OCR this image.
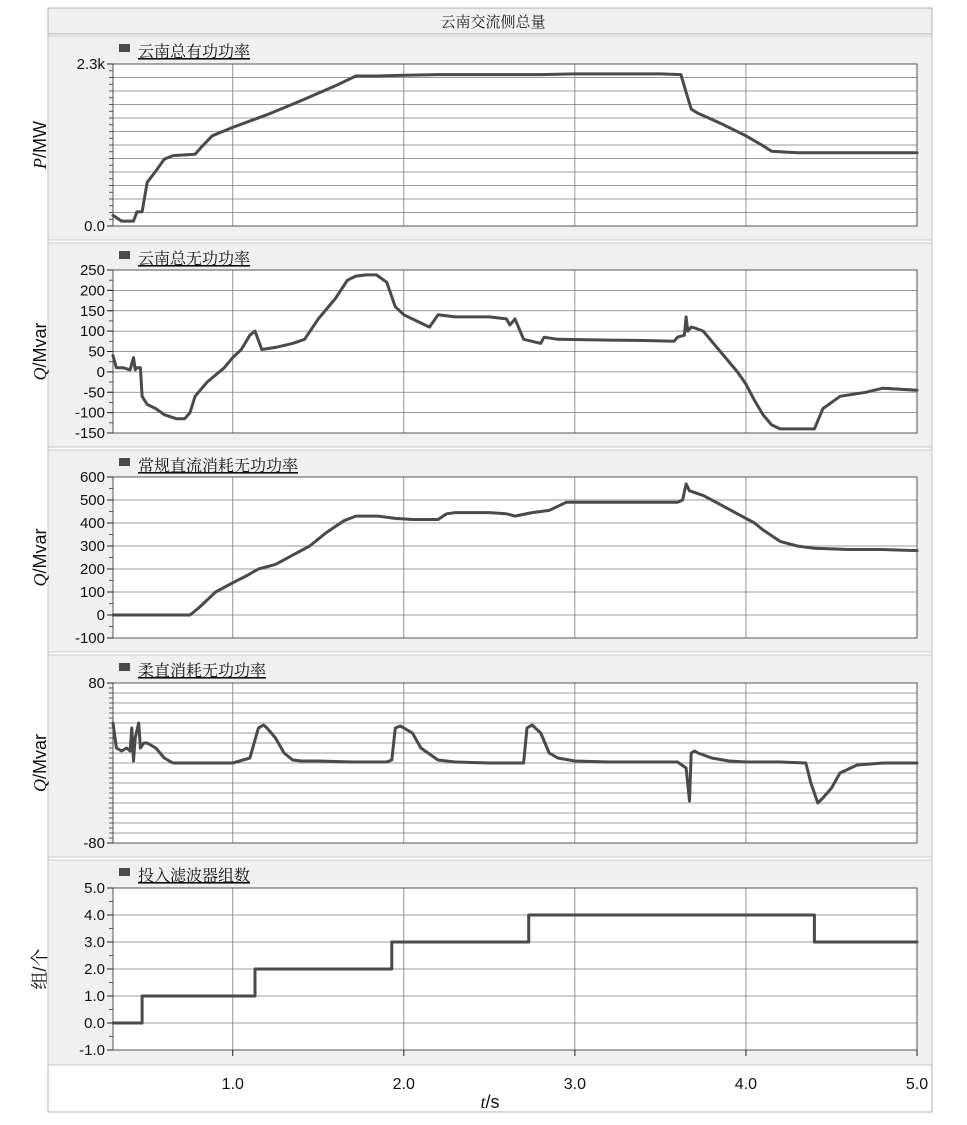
云南交流侧总量
t/s
2.3k
0.0
P/MW
云南总有功功率
250
200
150
100
50
0
-50
-100
-150
Q/Mvar
云南总无功功率
600
500
400
300
200
100
0
-100
Q/Mvar
常规直流消耗无功功率
80
-80
Q/Mvar
柔直消耗无功功率
5.0
4.0
3.0
2.0
1.0
0.0
-1.0
组/个
投入滤波器组数
1.0	2.0	3.0	4.0	5.0
